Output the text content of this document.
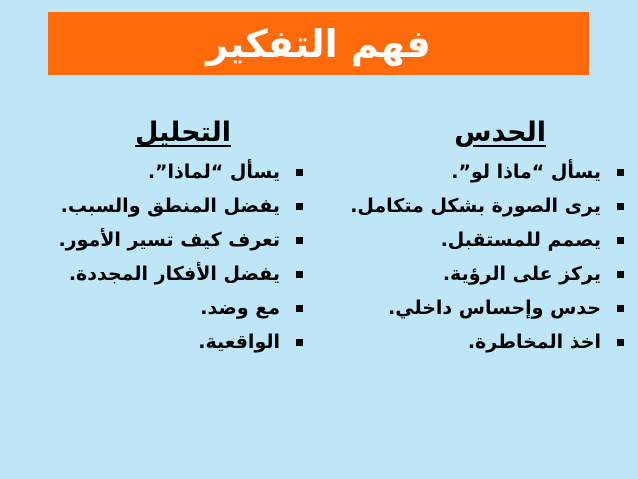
فهم التفكير
الحدس
يسأل “ماذا لو”.
يرى الصورة بشكل متكامل.
يصمم للمستقبل.
يركز على الرؤية.
حدس وإحساس داخلي.
اخذ المخاطرة.
التحليل
يسأل “لماذا”.
يفضل المنطق والسبب.
تعرف كيف تسير الأمور.
يفضل الأفكار المجددة.
مع وضد.
الواقعية.
